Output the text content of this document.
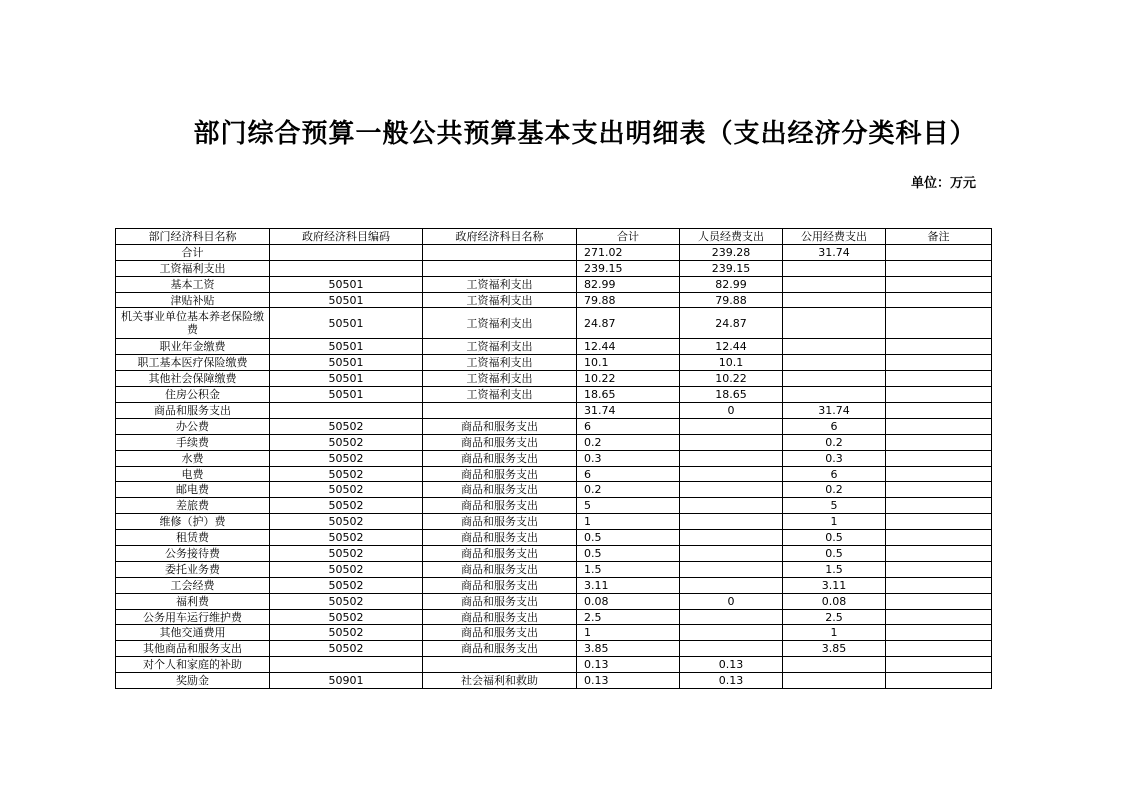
部门综合预算一般公共预算基本支出明细表（支出经济分类科目）
单位：万元
部门经济科目名称	政府经济科目编码	政府经济科目名称	合计	人员经费支出	公用经费支出	备注
合计			271.02	239.28	31.74	
工资福利支出			239.15	239.15		
基本工资	50501	工资福利支出	82.99	82.99		
津贴补贴	50501	工资福利支出	79.88	79.88		
机关事业单位基本养老保险缴费	50501	工资福利支出	24.87	24.87		
职业年金缴费	50501	工资福利支出	12.44	12.44		
职工基本医疗保险缴费	50501	工资福利支出	10.1	10.1		
其他社会保障缴费	50501	工资福利支出	10.22	10.22		
住房公积金	50501	工资福利支出	18.65	18.65		
商品和服务支出			31.74	0	31.74	
办公费	50502	商品和服务支出	6		6	
手续费	50502	商品和服务支出	0.2		0.2	
水费	50502	商品和服务支出	0.3		0.3	
电费	50502	商品和服务支出	6		6	
邮电费	50502	商品和服务支出	0.2		0.2	
差旅费	50502	商品和服务支出	5		5	
维修（护）费	50502	商品和服务支出	1		1	
租赁费	50502	商品和服务支出	0.5		0.5	
公务接待费	50502	商品和服务支出	0.5		0.5	
委托业务费	50502	商品和服务支出	1.5		1.5	
工会经费	50502	商品和服务支出	3.11		3.11	
福利费	50502	商品和服务支出	0.08	0	0.08	
公务用车运行维护费	50502	商品和服务支出	2.5		2.5	
其他交通费用	50502	商品和服务支出	1		1	
其他商品和服务支出	50502	商品和服务支出	3.85		3.85	
对个人和家庭的补助			0.13	0.13		
奖励金	50901	社会福利和救助	0.13	0.13		
